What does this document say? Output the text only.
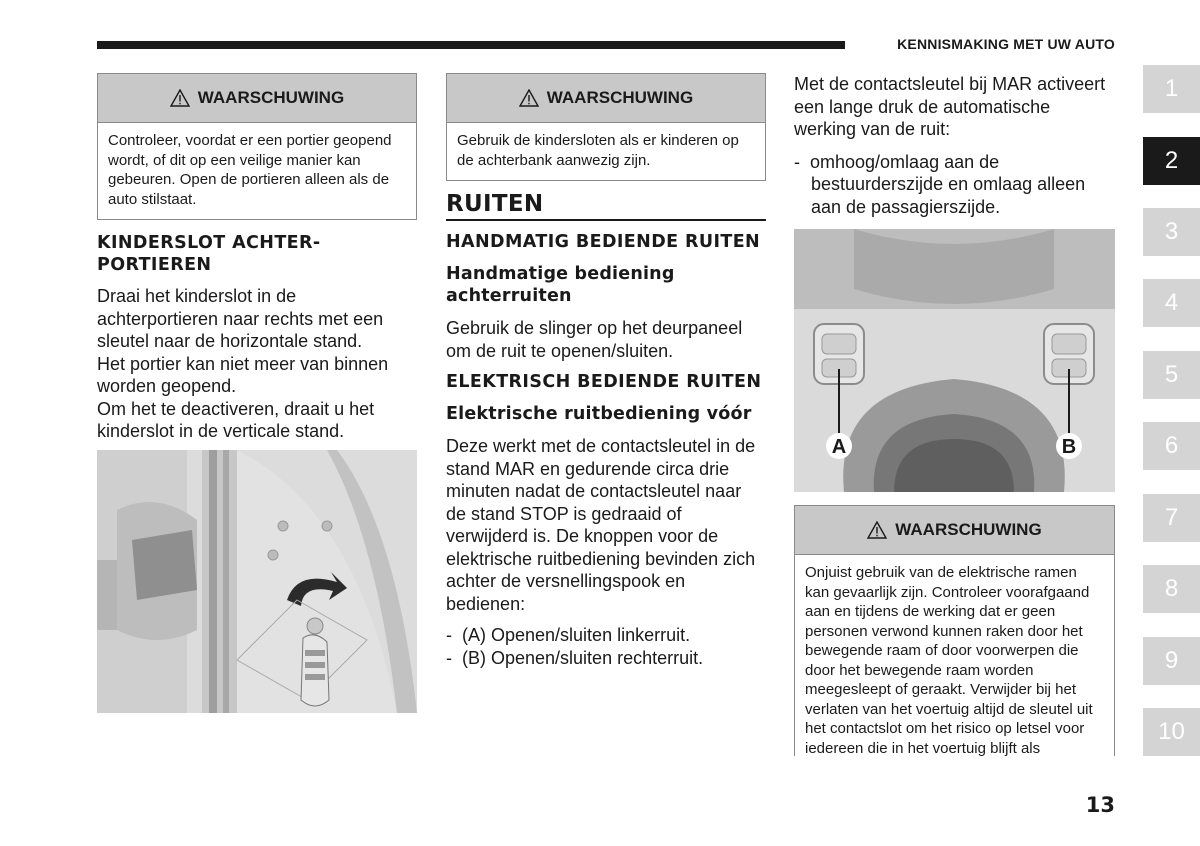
KENNISMAKING MET UW AUTO
WAARSCHUWING
Controleer, voordat er een portier geopend wordt, of dit op een veilige manier kan gebeuren. Open de portieren alleen als de auto stilstaat.
KINDERSLOT ACHTER-
PORTIEREN

Draai het kinderslot in de achterportieren naar rechts met een sleutel naar de horizontale stand.

Het portier kan niet meer van binnen worden geopend.

Om het te deactiveren, draait u het kinderslot in de verticale stand.

WAARSCHUWING
Gebruik de kindersloten als er kinderen op de achterbank aanwezig zijn.
RUITEN
HANDMATIG BEDIENDE RUITEN
Handmatige bediening achterruiten

Gebruik de slinger op het deurpaneel om de ruit te openen/sluiten.

ELEKTRISCH BEDIENDE RUITEN
Elektrische ruitbediening vóór

Deze werkt met de contactsleutel in de stand MAR en gedurende circa drie minuten nadat de contactsleutel naar de stand STOP is gedraaid of verwijderd is. De knoppen voor de elektrische ruitbediening bevinden zich achter de versnellingspook en bedienen:

-  (A) Openen/sluiten linkerruit.
-  (B) Openen/sluiten rechterruit.

Met de contactsleutel bij MAR activeert een lange druk de automatische werking van de ruit:

-  omhoog/omlaag aan de bestuurderszijde en omlaag alleen aan de passagierszijde.
A	B
WAARSCHUWING
Onjuist gebruik van de elektrische ramen kan gevaarlijk zijn. Controleer voorafgaand aan en tijdens de werking dat er geen personen verwond kunnen raken door het bewegende raam of door voorwerpen die door het bewegende raam worden meegesleept of geraakt. Verwijder bij het verlaten van het voertuig altijd de sleutel uit het contactslot om het risico op letsel voor iedereen die in het voertuig blijft als
1
2
3
4
5
6
7
8
9
10
13
